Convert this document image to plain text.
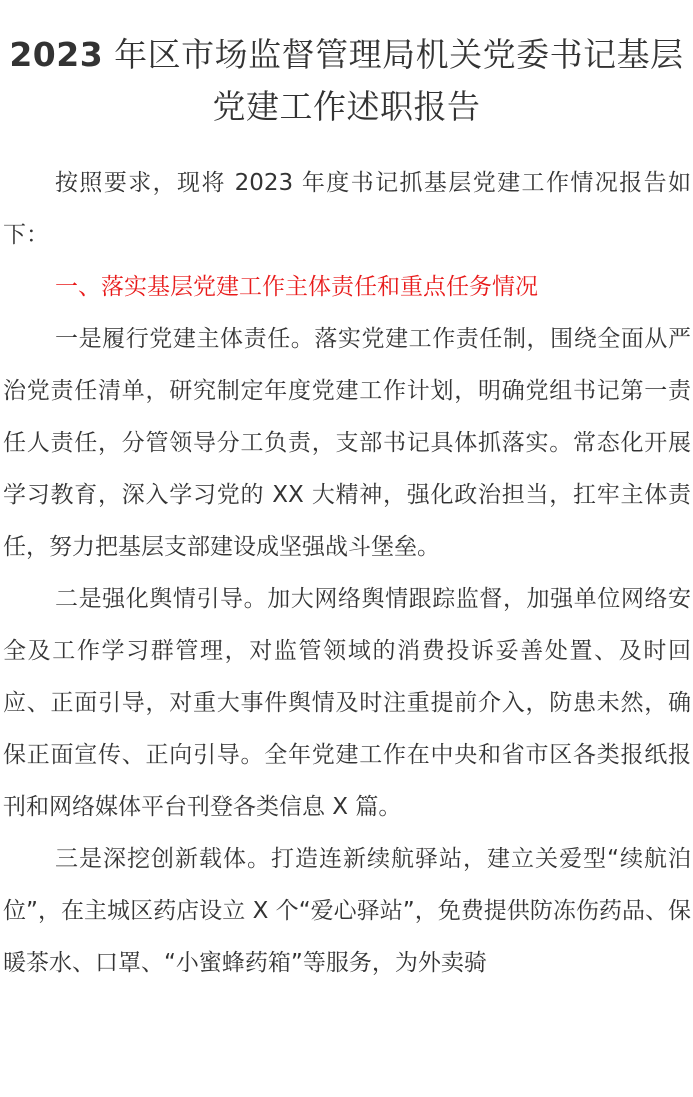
2023 年区市场监督管理局机关党委书记基层党建工作述职报告

按照要求，现将 2023 年度书记抓基层党建工作情况报告如下：

一、落实基层党建工作主体责任和重点任务情况

一是履行党建主体责任。落实党建工作责任制，围绕全面从严治党责任清单，研究制定年度党建工作计划，明确党组书记第一责任人责任，分管领导分工负责，支部书记具体抓落实。常态化开展学习教育，深入学习党的 XX 大精神，强化政治担当，扛牢主体责任，努力把基层支部建设成坚强战斗堡垒。

二是强化舆情引导。加大网络舆情跟踪监督，加强单位网络安全及工作学习群管理，对监管领域的消费投诉妥善处置、及时回应、正面引导，对重大事件舆情及时注重提前介入，防患未然，确保正面宣传、正向引导。全年党建工作在中央和省市区各类报纸报刊和网络媒体平台刊登各类信息 X 篇。

三是深挖创新载体。打造连新续航驿站，建立关爱型“续航泊位”，在主城区药店设立 X 个“爱心驿站”，免费提供防冻伤药品、保暖茶水、口罩、“小蜜蜂药箱”等服务，为外卖骑
